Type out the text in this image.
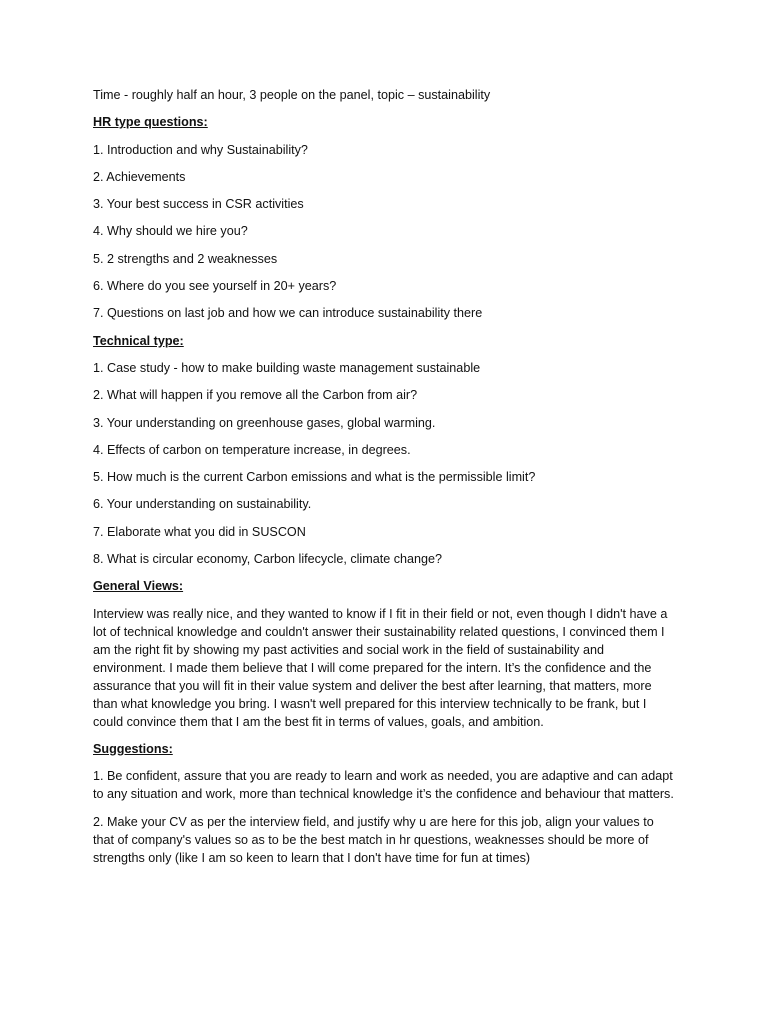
Time - roughly half an hour, 3 people on the panel, topic – sustainability
HR type questions:
1. Introduction and why Sustainability?
2. Achievements
3. Your best success in CSR activities
4. Why should we hire you?
5. 2 strengths and 2 weaknesses
6. Where do you see yourself in 20+ years?
7. Questions on last job and how we can introduce sustainability there
Technical type:
1. Case study - how to make building waste management sustainable
2. What will happen if you remove all the Carbon from air?
3. Your understanding on greenhouse gases, global warming.
4. Effects of carbon on temperature increase, in degrees.
5. How much is the current Carbon emissions and what is the permissible limit?
6. Your understanding on sustainability.
7. Elaborate what you did in SUSCON
8. What is circular economy, Carbon lifecycle, climate change?
General Views:
Interview was really nice, and they wanted to know if I fit in their field or not, even though I didn't have a lot of technical knowledge and couldn't answer their sustainability related questions, I convinced them I am the right fit by showing my past activities and social work in the field of sustainability and environment. I made them believe that I will come prepared for the intern. It’s the confidence and the assurance that you will fit in their value system and deliver the best after learning, that matters, more than what knowledge you bring. I wasn't well prepared for this interview technically to be frank, but I could convince them that I am the best fit in terms of values, goals, and ambition.
Suggestions:
1. Be confident, assure that you are ready to learn and work as needed, you are adaptive and can adapt to any situation and work, more than technical knowledge it’s the confidence and behaviour that matters.
2. Make your CV as per the interview field, and justify why u are here for this job, align your values to that of company's values so as to be the best match in hr questions, weaknesses should be more of strengths only (like I am so keen to learn that I don't have time for fun at times)
